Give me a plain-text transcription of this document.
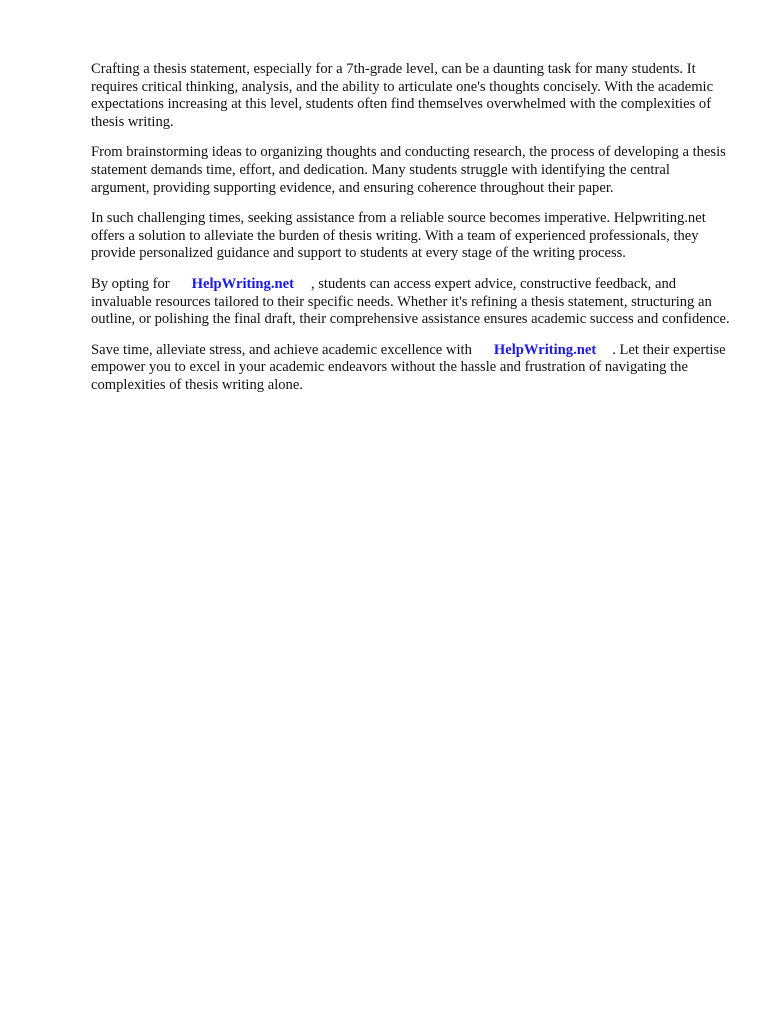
Crafting a thesis statement, especially for a 7th-grade level, can be a daunting task for many students. It requires critical thinking, analysis, and the ability to articulate one's thoughts concisely. With the academic expectations increasing at this level, students often find themselves overwhelmed with the complexities of thesis writing.

From brainstorming ideas to organizing thoughts and conducting research, the process of developing a thesis statement demands time, effort, and dedication. Many students struggle with identifying the central argument, providing supporting evidence, and ensuring coherence throughout their paper.

In such challenging times, seeking assistance from a reliable source becomes imperative. Helpwriting.net offers a solution to alleviate the burden of thesis writing. With a team of experienced professionals, they provide personalized guidance and support to students at every stage of the writing process.

By opting for HelpWriting.net , students can access expert advice, constructive feedback, and invaluable resources tailored to their specific needs. Whether it's refining a thesis statement, structuring an outline, or polishing the final draft, their comprehensive assistance ensures academic success and confidence.

Save time, alleviate stress, and achieve academic excellence with HelpWriting.net . Let their expertise empower you to excel in your academic endeavors without the hassle and frustration of navigating the complexities of thesis writing alone.
